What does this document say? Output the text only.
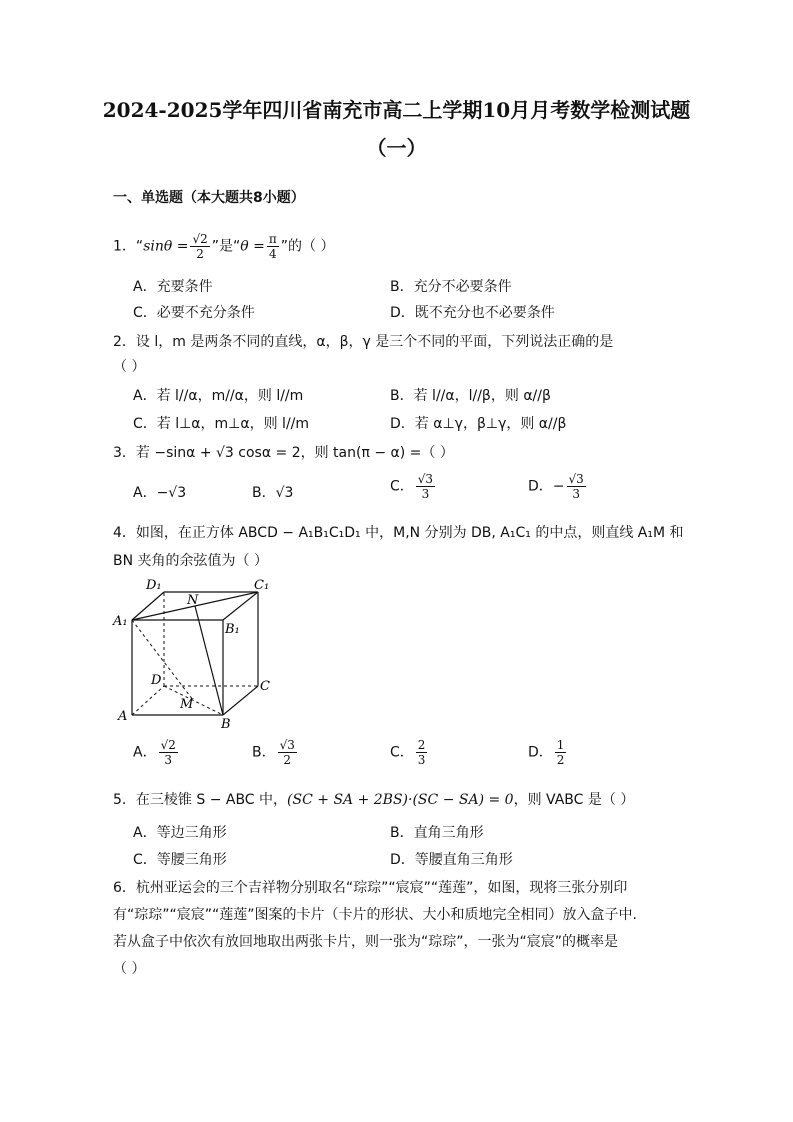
2024-2025学年四川省南充市高二上学期10月月考数学检测试题
（一）
一、单选题（本大题共8小题）
1．“$\sin\theta = \frac{√2}{2}$ ”是“$\theta = \frac{\pi}{4}$ ”的（ ）
A．充要条件	B．充分不必要条件
C．必要不充分条件	D．既不充分也不必要条件
2．设 l，m 是两条不同的直线，α，β，γ 是三个不同的平面，下列说法正确的是
（ ）
A．若 l//α，m//α，则 l//m	B．若 l//α，l//β，则 α//β
C．若 l⊥α，m⊥α，则 l//m	D．若 α⊥γ，β⊥γ，则 α//β
3．若 −sinα + √3 cosα = 2，则 tan(π − α) =（ ）
A．−√3	B．√3	C． $\frac{√3}{3}$	D．− $\frac{√3}{3}$
4．如图，在正方体 ABCD − A₁B₁C₁D₁ 中，M,N 分别为 DB, A₁C₁ 的中点，则直线 A₁M 和
BN 夹角的余弦值为（ ）
D₁	C₁
N
A₁
B₁
D	C
A
M
B
A． $\frac{√2}{3}$	B． $\frac{√3}{2}$	C． $\frac{2}{3}$	D． $\frac{1}{2}$
5．在三棱锥 S − ABC 中，(SC + SA + 2BS)·(SC − SA) = 0，则 VABC 是（ ）
A．等边三角形	B．直角三角形
C．等腰三角形	D．等腰直角三角形
6．杭州亚运会的三个吉祥物分别取名“琮琮”“宸宸”“莲莲”，如图，现将三张分别印
有“琮琮”“宸宸”“莲莲”图案的卡片（卡片的形状、大小和质地完全相同）放入盒子中.
若从盒子中依次有放回地取出两张卡片，则一张为“琮琮”，一张为“宸宸”的概率是
（ ）
